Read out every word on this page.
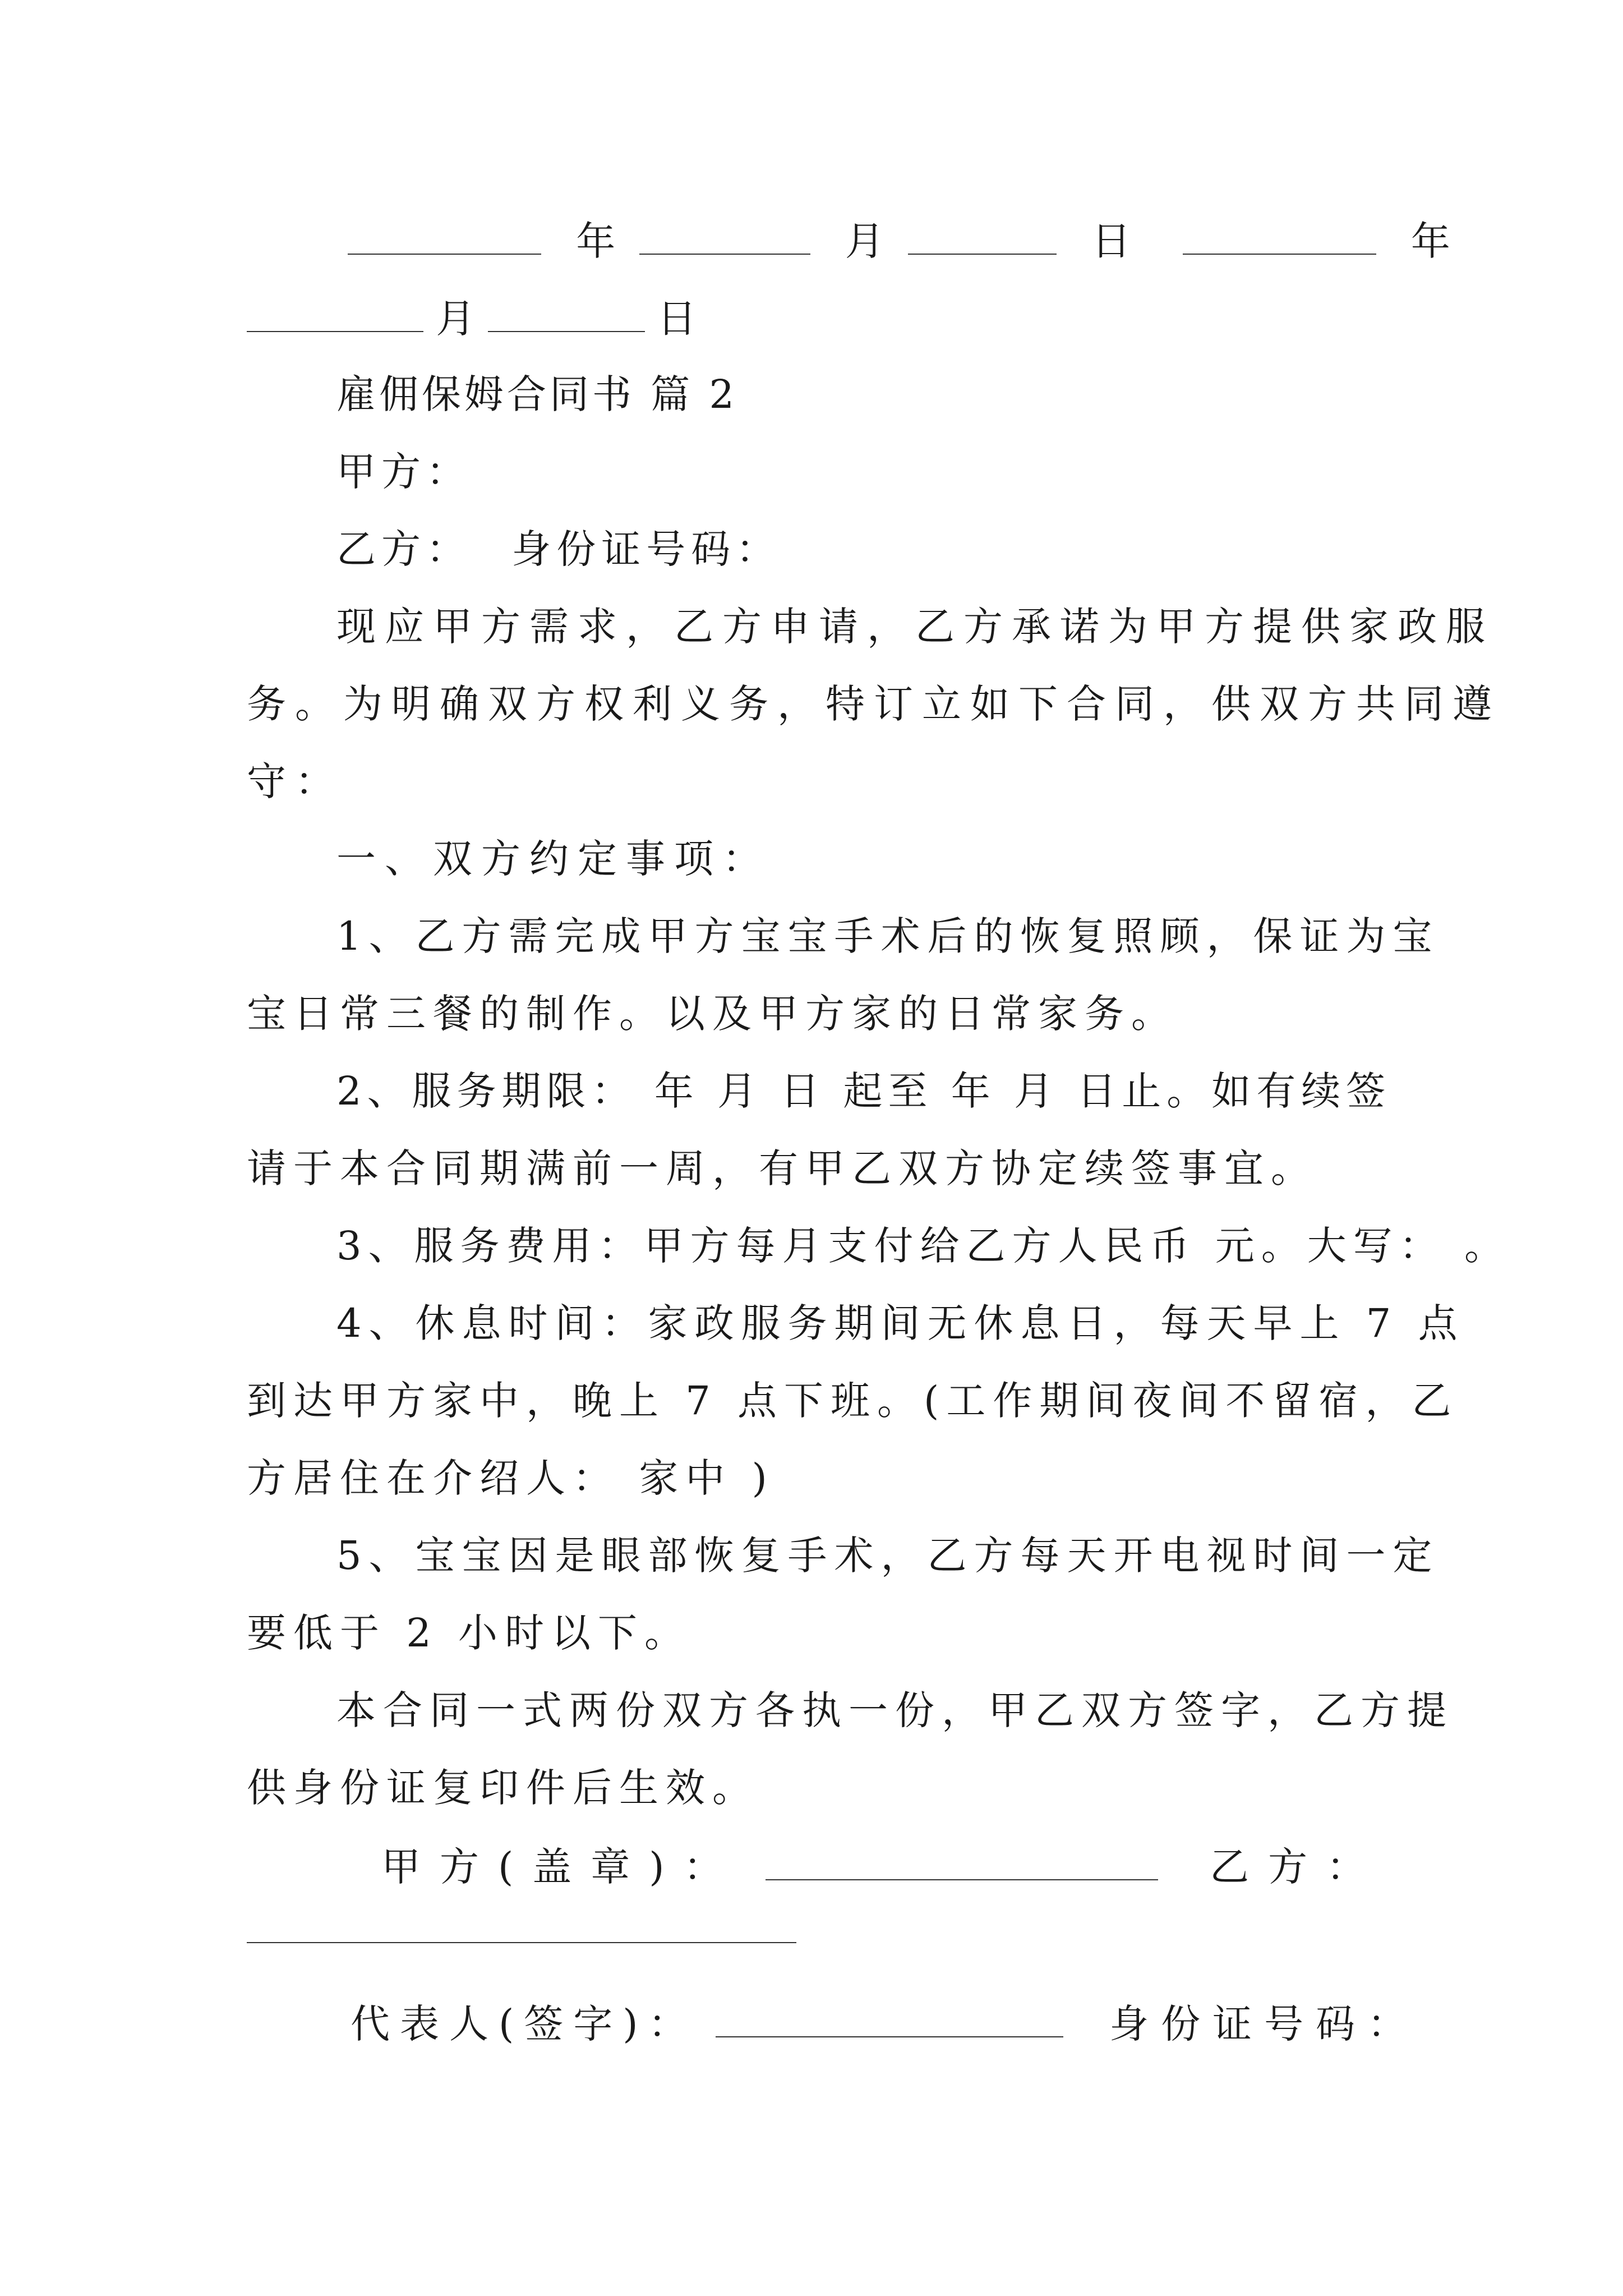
年	月	日	年
月	日
雇佣保姆合同书 篇 2
甲方：
乙方： 身份证号码：
现应甲方需求，乙方申请，乙方承诺为甲方提供家政服
务。为明确双方权利义务，特订立如下合同，供双方共同遵
守：
一、双方约定事项：
1、乙方需完成甲方宝宝手术后的恢复照顾，保证为宝
宝日常三餐的制作。以及甲方家的日常家务。
2、服务期限： 年 月 日 起至 年 月 日止。如有续签
请于本合同期满前一周，有甲乙双方协定续签事宜。
3、服务费用：甲方每月支付给乙方人民币 元。大写： 。
4、休息时间：家政服务期间无休息日，每天早上 7 点
到达甲方家中，晚上 7 点下班。(工作期间夜间不留宿，乙
方居住在介绍人： 家中 )
5、宝宝因是眼部恢复手术，乙方每天开电视时间一定
要低于 2 小时以下。
本合同一式两份双方各执一份，甲乙双方签字，乙方提
供身份证复印件后生效。
甲方(盖章)：	乙方：
代表人(签字)：	身份证号码：
